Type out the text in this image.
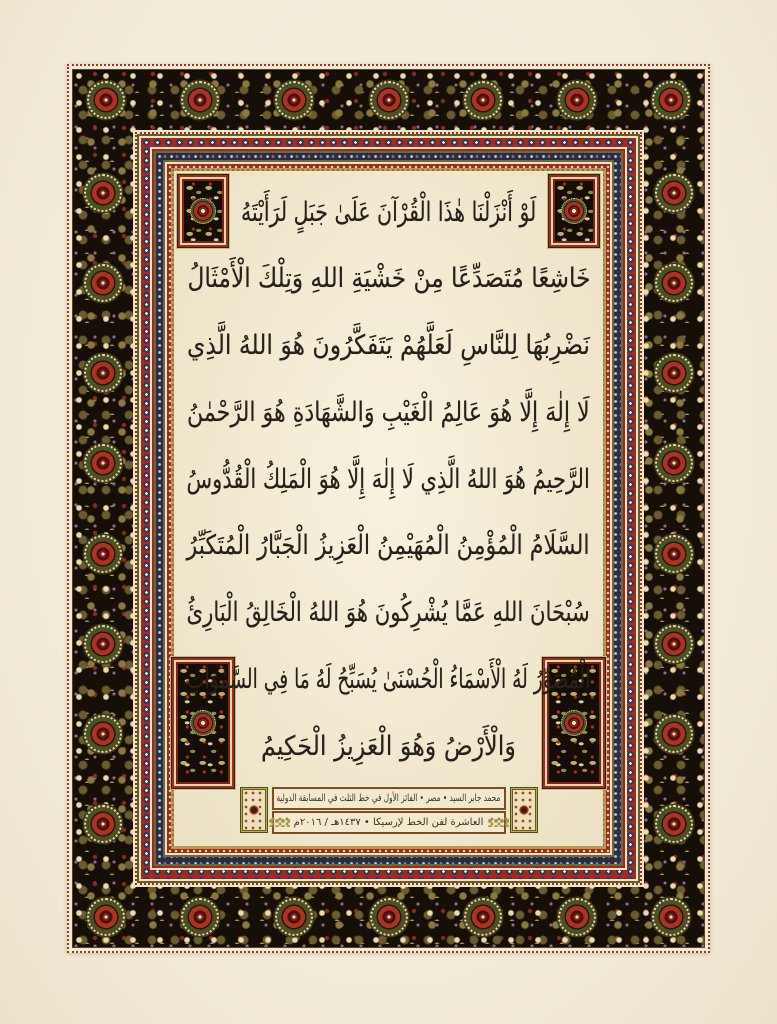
لَوْ أَنْزَلْنَا هٰذَا الْقُرْآنَ عَلَىٰ جَبَلٍ لَرَأَيْتَهُ
خَاشِعًا مُتَصَدِّعًا مِنْ خَشْيَةِ اللهِ وَتِلْكَ الْأَمْثَالُ
نَضْرِبُهَا لِلنَّاسِ لَعَلَّهُمْ يَتَفَكَّرُونَ هُوَ اللهُ الَّذِي
لَا إِلٰهَ إِلَّا هُوَ عَالِمُ الْغَيْبِ وَالشَّهَادَةِ هُوَ الرَّحْمٰنُ
الرَّحِيمُ هُوَ اللهُ الَّذِي لَا إِلٰهَ إِلَّا هُوَ الْمَلِكُ الْقُدُّوسُ
السَّلَامُ الْمُؤْمِنُ الْمُهَيْمِنُ الْعَزِيزُ الْجَبَّارُ الْمُتَكَبِّرُ
سُبْحَانَ اللهِ عَمَّا يُشْرِكُونَ هُوَ اللهُ الْخَالِقُ الْبَارِئُ
الْمُصَوِّرُ لَهُ الْأَسْمَاءُ الْحُسْنَىٰ يُسَبِّحُ لَهُ مَا فِي السَّمٰوَاتِ
وَالْأَرْضُ وَهُوَ الْعَزِيزُ الْحَكِيمُ
محمد جابر السيد • مصر • الفائز الأول في خط الثلث في المسابقة الدولية
العاشرة لفن الخط لإرسيكا • ١٤٣٧هـ / ٢٠١٦م
